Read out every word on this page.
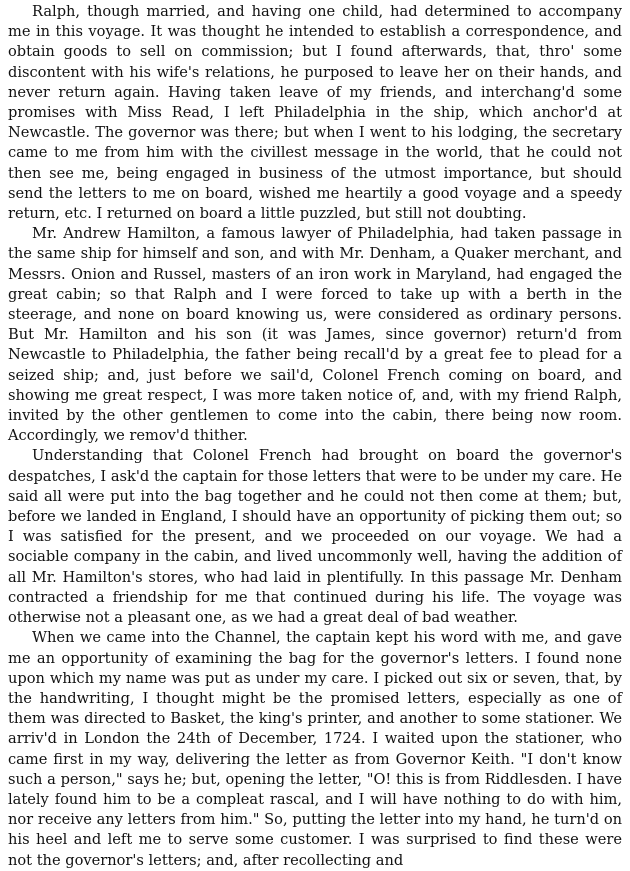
Ralph, though married, and having one child, had determined to accompany me in this voyage. It was thought he intended to establish a correspondence, and obtain goods to sell on commission; but I found afterwards, that, thro' some discontent with his wife's relations, he purposed to leave her on their hands, and never return again. Having taken leave of my friends, and interchang'd some promises with Miss Read, I left Philadelphia in the ship, which anchor'd at Newcastle. The governor was there; but when I went to his lodging, the secretary came to me from him with the civillest message in the world, that he could not then see me, being engaged in business of the utmost importance, but should send the letters to me on board, wished me heartily a good voyage and a speedy return, etc. I returned on board a little puzzled, but still not doubting.

Mr. Andrew Hamilton, a famous lawyer of Philadelphia, had taken passage in the same ship for himself and son, and with Mr. Denham, a Quaker merchant, and Messrs. Onion and Russel, masters of an iron work in Maryland, had engaged the great cabin; so that Ralph and I were forced to take up with a berth in the steerage, and none on board knowing us, were considered as ordinary persons. But Mr. Hamilton and his son (it was James, since governor) return'd from Newcastle to Philadelphia, the father being recall'd by a great fee to plead for a seized ship; and, just before we sail'd, Colonel French coming on board, and showing me great respect, I was more taken notice of, and, with my friend Ralph, invited by the other gentlemen to come into the cabin, there being now room. Accordingly, we remov'd thither.

Understanding that Colonel French had brought on board the governor's despatches, I ask'd the captain for those letters that were to be under my care. He said all were put into the bag together and he could not then come at them; but, before we landed in England, I should have an opportunity of picking them out; so I was satisfied for the present, and we proceeded on our voyage. We had a sociable company in the cabin, and lived uncommonly well, having the addition of all Mr. Hamilton's stores, who had laid in plentifully. In this passage Mr. Denham contracted a friendship for me that continued during his life. The voyage was otherwise not a pleasant one, as we had a great deal of bad weather.

When we came into the Channel, the captain kept his word with me, and gave me an opportunity of examining the bag for the governor's letters. I found none upon which my name was put as under my care. I picked out six or seven, that, by the handwriting, I thought might be the promised letters, especially as one of them was directed to Basket, the king's printer, and another to some stationer. We arriv'd in London the 24th of December, 1724. I waited upon the stationer, who came first in my way, delivering the letter as from Governor Keith. "I don't know such a person," says he; but, opening the letter, "O! this is from Riddlesden. I have lately found him to be a compleat rascal, and I will have nothing to do with him, nor receive any letters from him." So, putting the letter into my hand, he turn'd on his heel and left me to serve some customer. I was surprised to find these were not the governor's letters; and, after recollecting and
